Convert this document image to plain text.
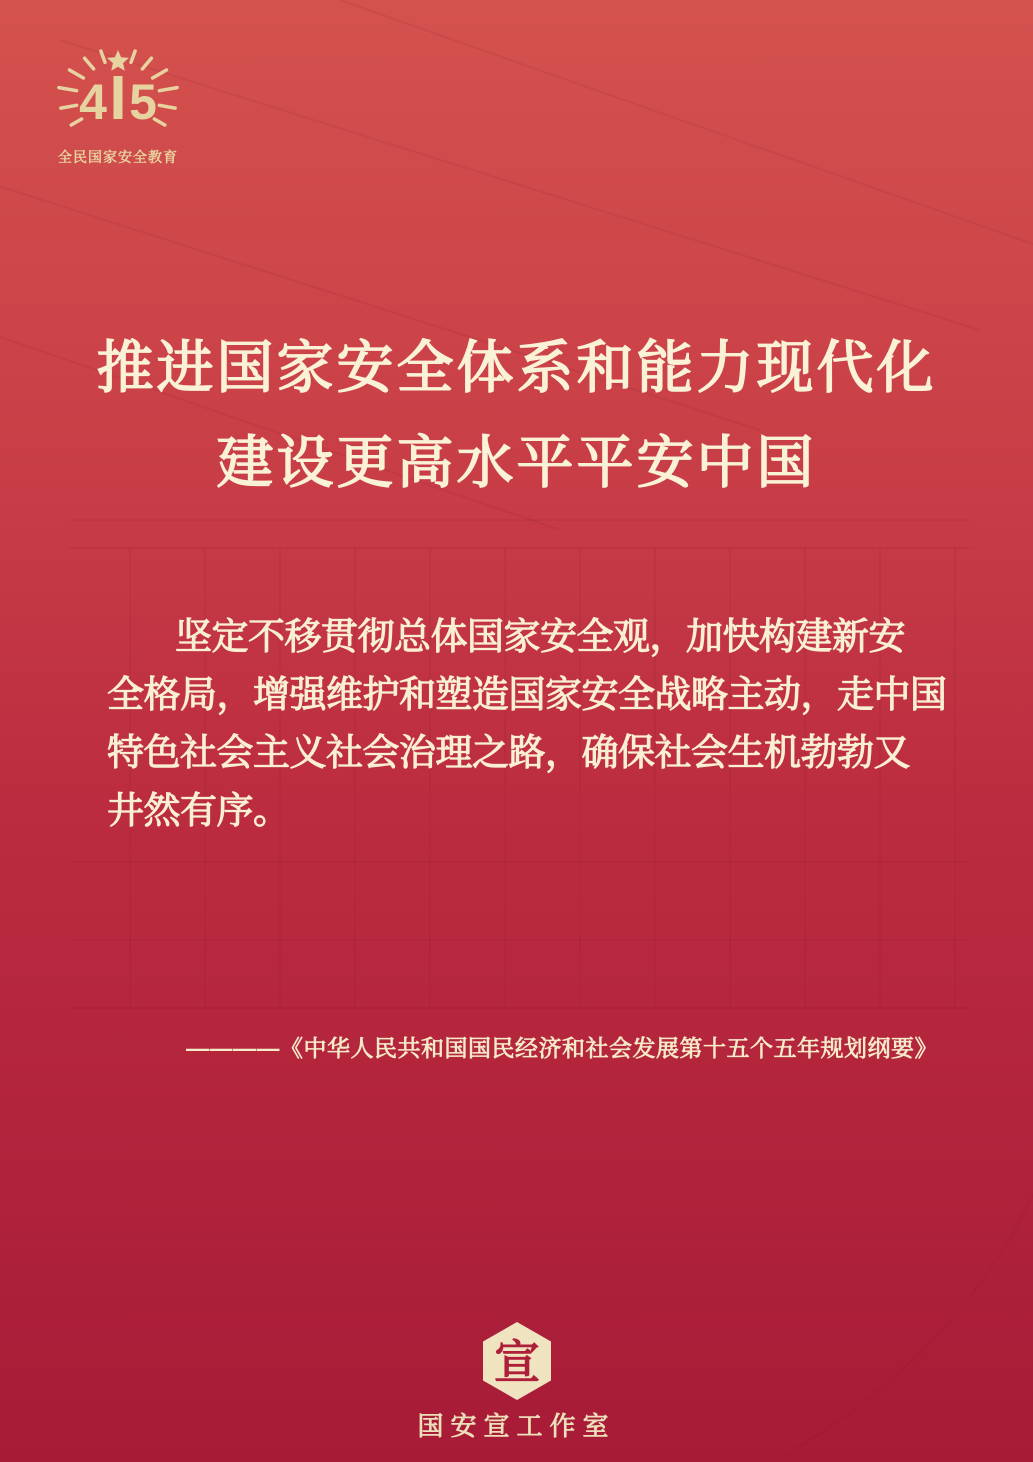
4 5
全民国家安全教育
推进国家安全体系和能力现代化
建设更高水平平安中国
坚定不移贯彻总体国家安全观，加快构建新安
全格局，增强维护和塑造国家安全战略主动，走中国
特色社会主义社会治理之路，确保社会生机勃勃又
井然有序。
————《中华人民共和国国民经济和社会发展第十五个五年规划纲要》
宣
国安宣工作室
